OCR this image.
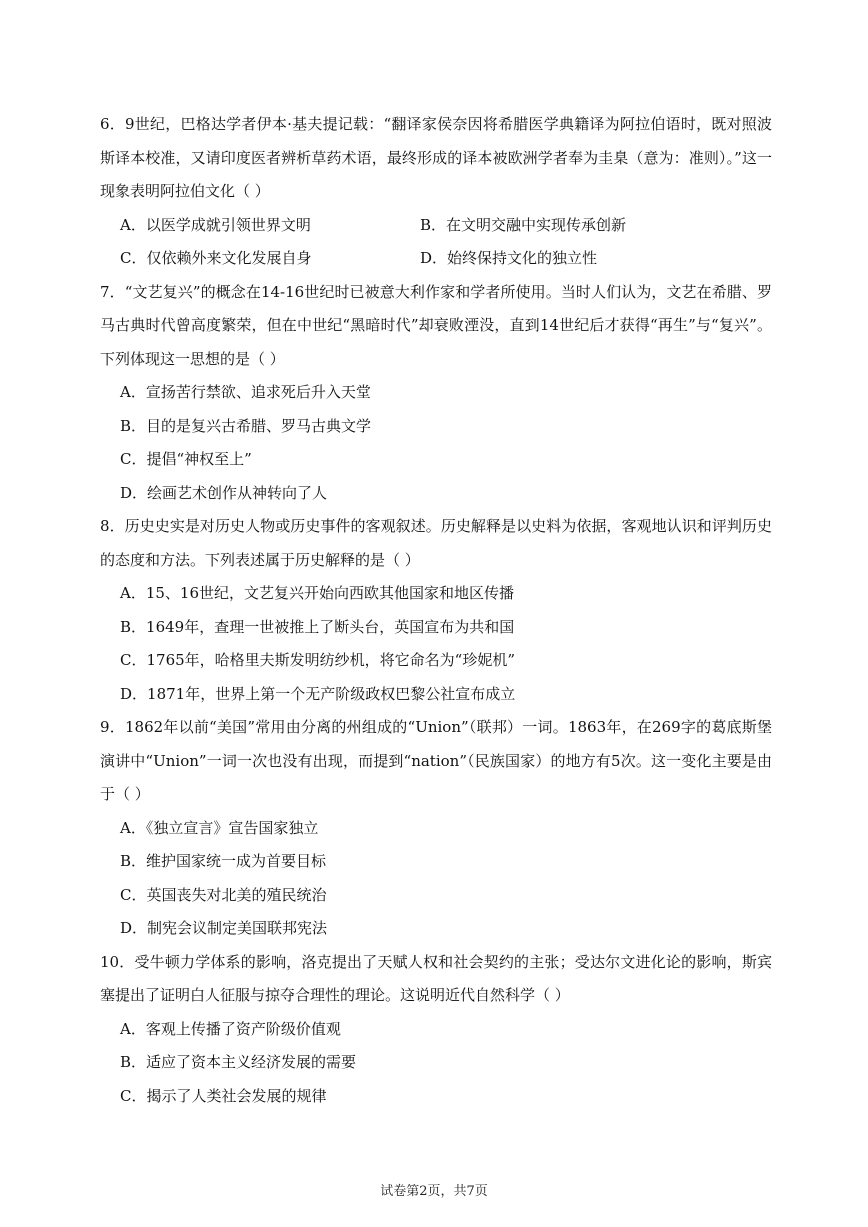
6．9世纪，巴格达学者伊本·基夫提记载：“翻译家侯奈因将希腊医学典籍译为阿拉伯语时，既对照波斯译本校准，又请印度医者辨析草药术语，最终形成的译本被欧洲学者奉为圭臬（意为：准则）。”这一现象表明阿拉伯文化（ ）

A．以医学成就引领世界文明	B．在文明交融中实现传承创新
C．仅依赖外来文化发展自身	D．始终保持文化的独立性

7．“文艺复兴”的概念在14-16世纪时已被意大利作家和学者所使用。当时人们认为，文艺在希腊、罗马古典时代曾高度繁荣，但在中世纪“黑暗时代”却衰败湮没，直到14世纪后才获得“再生”与“复兴”。下列体现这一思想的是（ ）

A．宣扬苦行禁欲、追求死后升入天堂

B．目的是复兴古希腊、罗马古典文学

C．提倡“神权至上”

D．绘画艺术创作从神转向了人

8．历史史实是对历史人物或历史事件的客观叙述。历史解释是以史料为依据，客观地认识和评判历史的态度和方法。下列表述属于历史解释的是（ ）

A．15、16世纪，文艺复兴开始向西欧其他国家和地区传播

B．1649年，查理一世被推上了断头台，英国宣布为共和国

C．1765年，哈格里夫斯发明纺纱机，将它命名为“珍妮机”

D．1871年，世界上第一个无产阶级政权巴黎公社宣布成立

9．1862年以前“美国”常用由分离的州组成的“Union”（联邦）一词。1863年，在269字的葛底斯堡演讲中“Union”一词一次也没有出现，而提到“nation”（民族国家）的地方有5次。这一变化主要是由于（ ）

A．《独立宣言》宣告国家独立

B．维护国家统一成为首要目标

C．英国丧失对北美的殖民统治

D．制宪会议制定美国联邦宪法

10．受牛顿力学体系的影响，洛克提出了天赋人权和社会契约的主张；受达尔文进化论的影响，斯宾塞提出了证明白人征服与掠夺合理性的理论。这说明近代自然科学（ ）

A．客观上传播了资产阶级价值观

B．适应了资本主义经济发展的需要

C．揭示了人类社会发展的规律

试卷第2页，共7页
